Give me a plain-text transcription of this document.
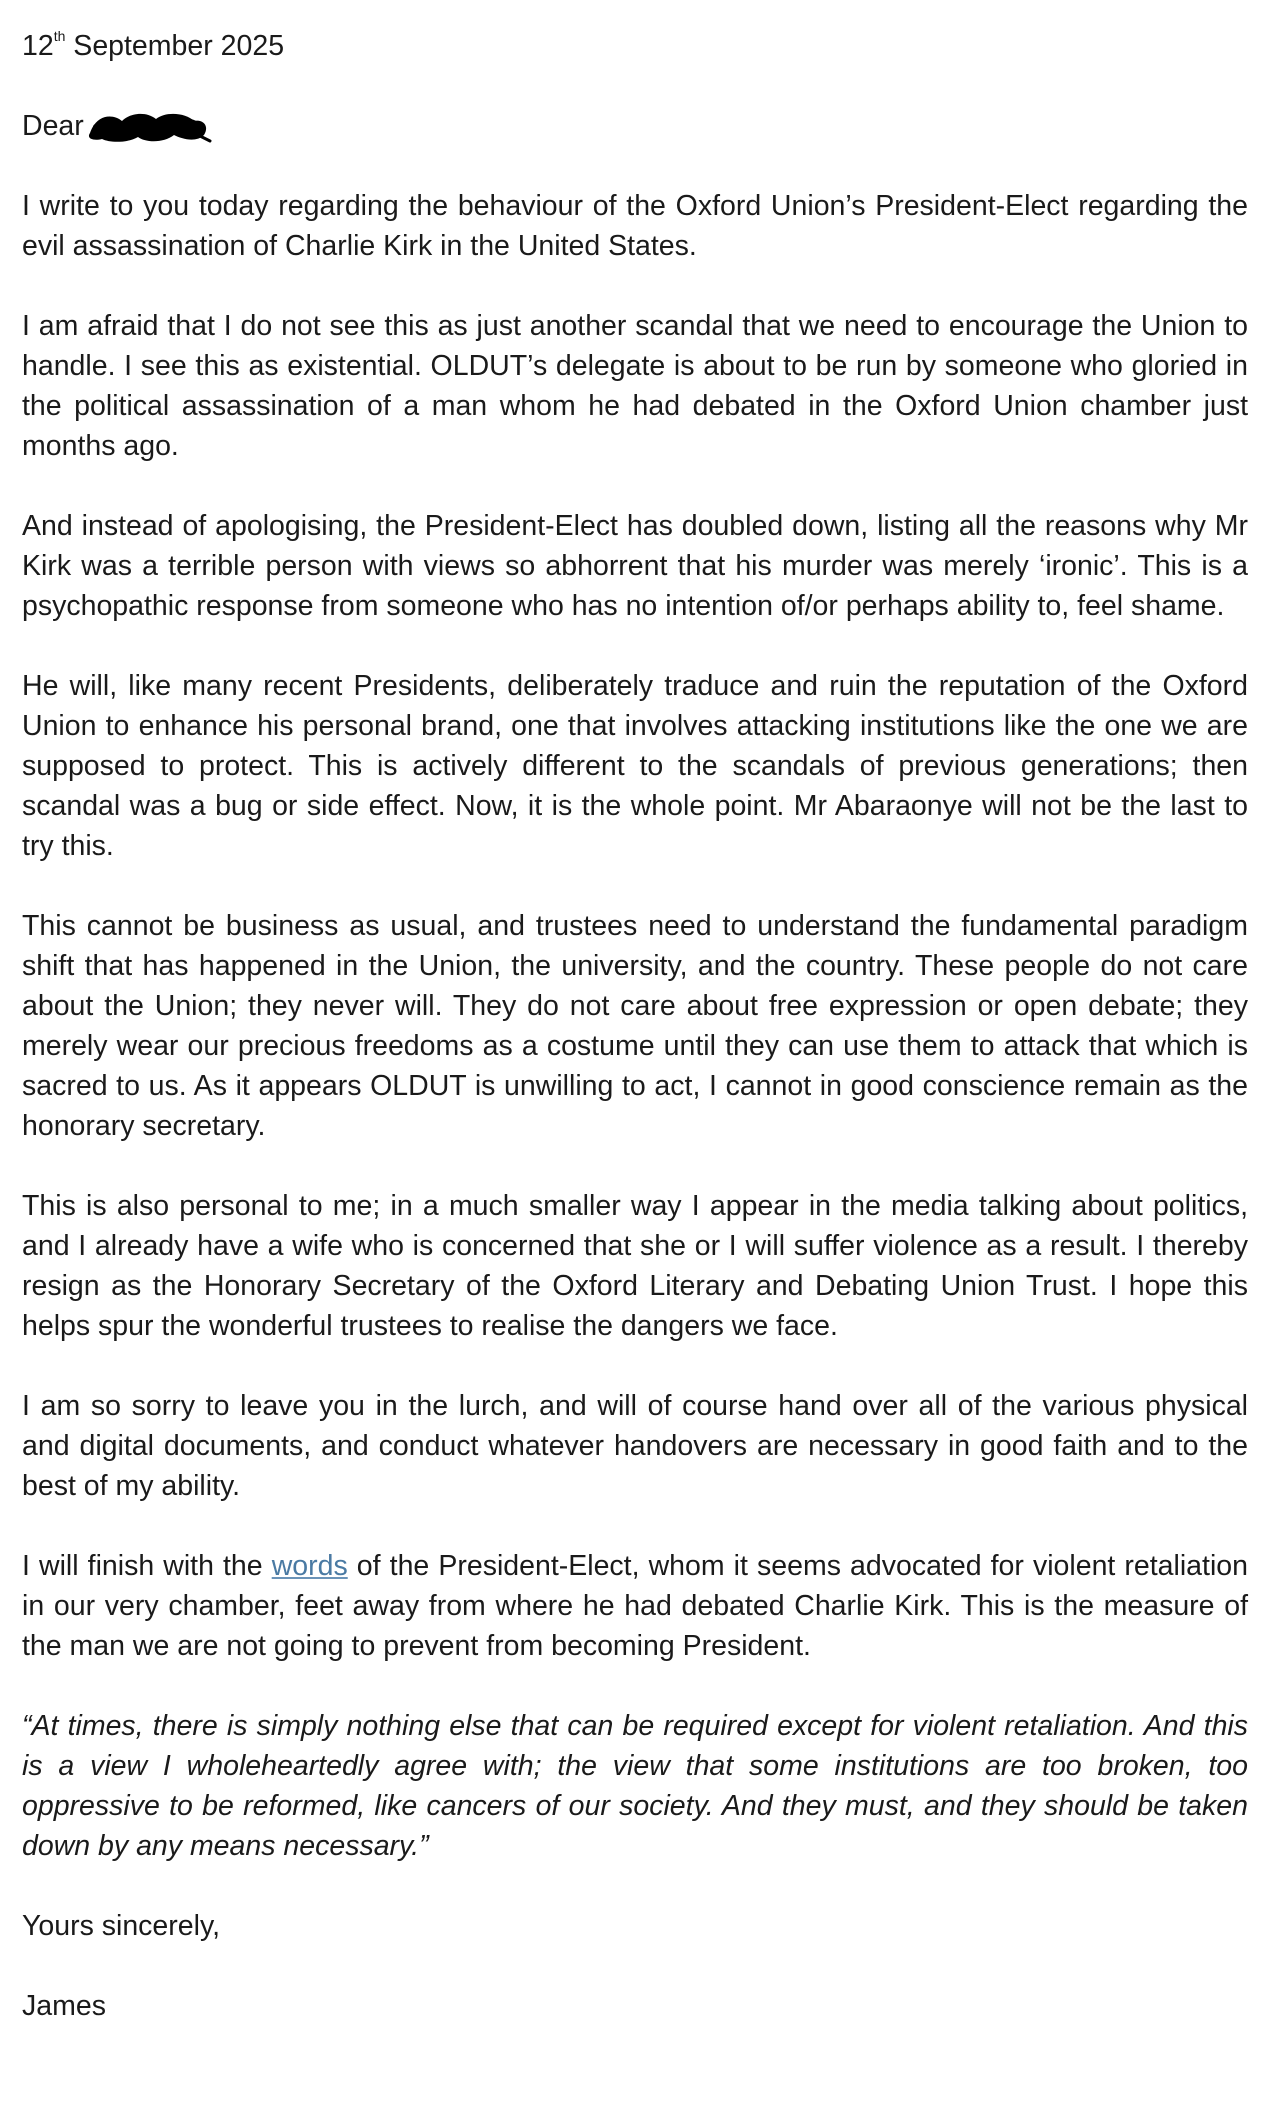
12th September 2025
Dear

I write to you today regarding the behaviour of the Oxford Union’s President-Elect regarding the evil assassination of Charlie Kirk in the United States.

I am afraid that I do not see this as just another scandal that we need to encourage the Union to handle. I see this as existential. OLDUT’s delegate is about to be run by someone who gloried in the political assassination of a man whom he had debated in the Oxford Union chamber just months ago.

And instead of apologising, the President-Elect has doubled down, listing all the reasons why Mr Kirk was a terrible person with views so abhorrent that his murder was merely ‘ironic’. This is a psychopathic response from someone who has no intention of/or perhaps ability to, feel shame.

He will, like many recent Presidents, deliberately traduce and ruin the reputation of the Oxford Union to enhance his personal brand, one that involves attacking institutions like the one we are supposed to protect. This is actively different to the scandals of previous generations; then scandal was a bug or side effect. Now, it is the whole point. Mr Abaraonye will not be the last to try this.

This cannot be business as usual, and trustees need to understand the fundamental paradigm shift that has happened in the Union, the university, and the country. These people do not care about the Union; they never will. They do not care about free expression or open debate; they merely wear our precious freedoms as a costume until they can use them to attack that which is sacred to us. As it appears OLDUT is unwilling to act, I cannot in good conscience remain as the honorary secretary.

This is also personal to me; in a much smaller way I appear in the media talking about politics, and I already have a wife who is concerned that she or I will suffer violence as a result. I thereby resign as the Honorary Secretary of the Oxford Literary and Debating Union Trust. I hope this helps spur the wonderful trustees to realise the dangers we face.

I am so sorry to leave you in the lurch, and will of course hand over all of the various physical and digital documents, and conduct whatever handovers are necessary in good faith and to the best of my ability.

I will finish with the words of the President-Elect, whom it seems advocated for violent retaliation in our very chamber, feet away from where he had debated Charlie Kirk. This is the measure of the man we are not going to prevent from becoming President.

“At times, there is simply nothing else that can be required except for violent retaliation. And this is a view I wholeheartedly agree with; the view that some institutions are too broken, too oppressive to be reformed, like cancers of our society. And they must, and they should be taken down by any means necessary.”

Yours sincerely,
James
